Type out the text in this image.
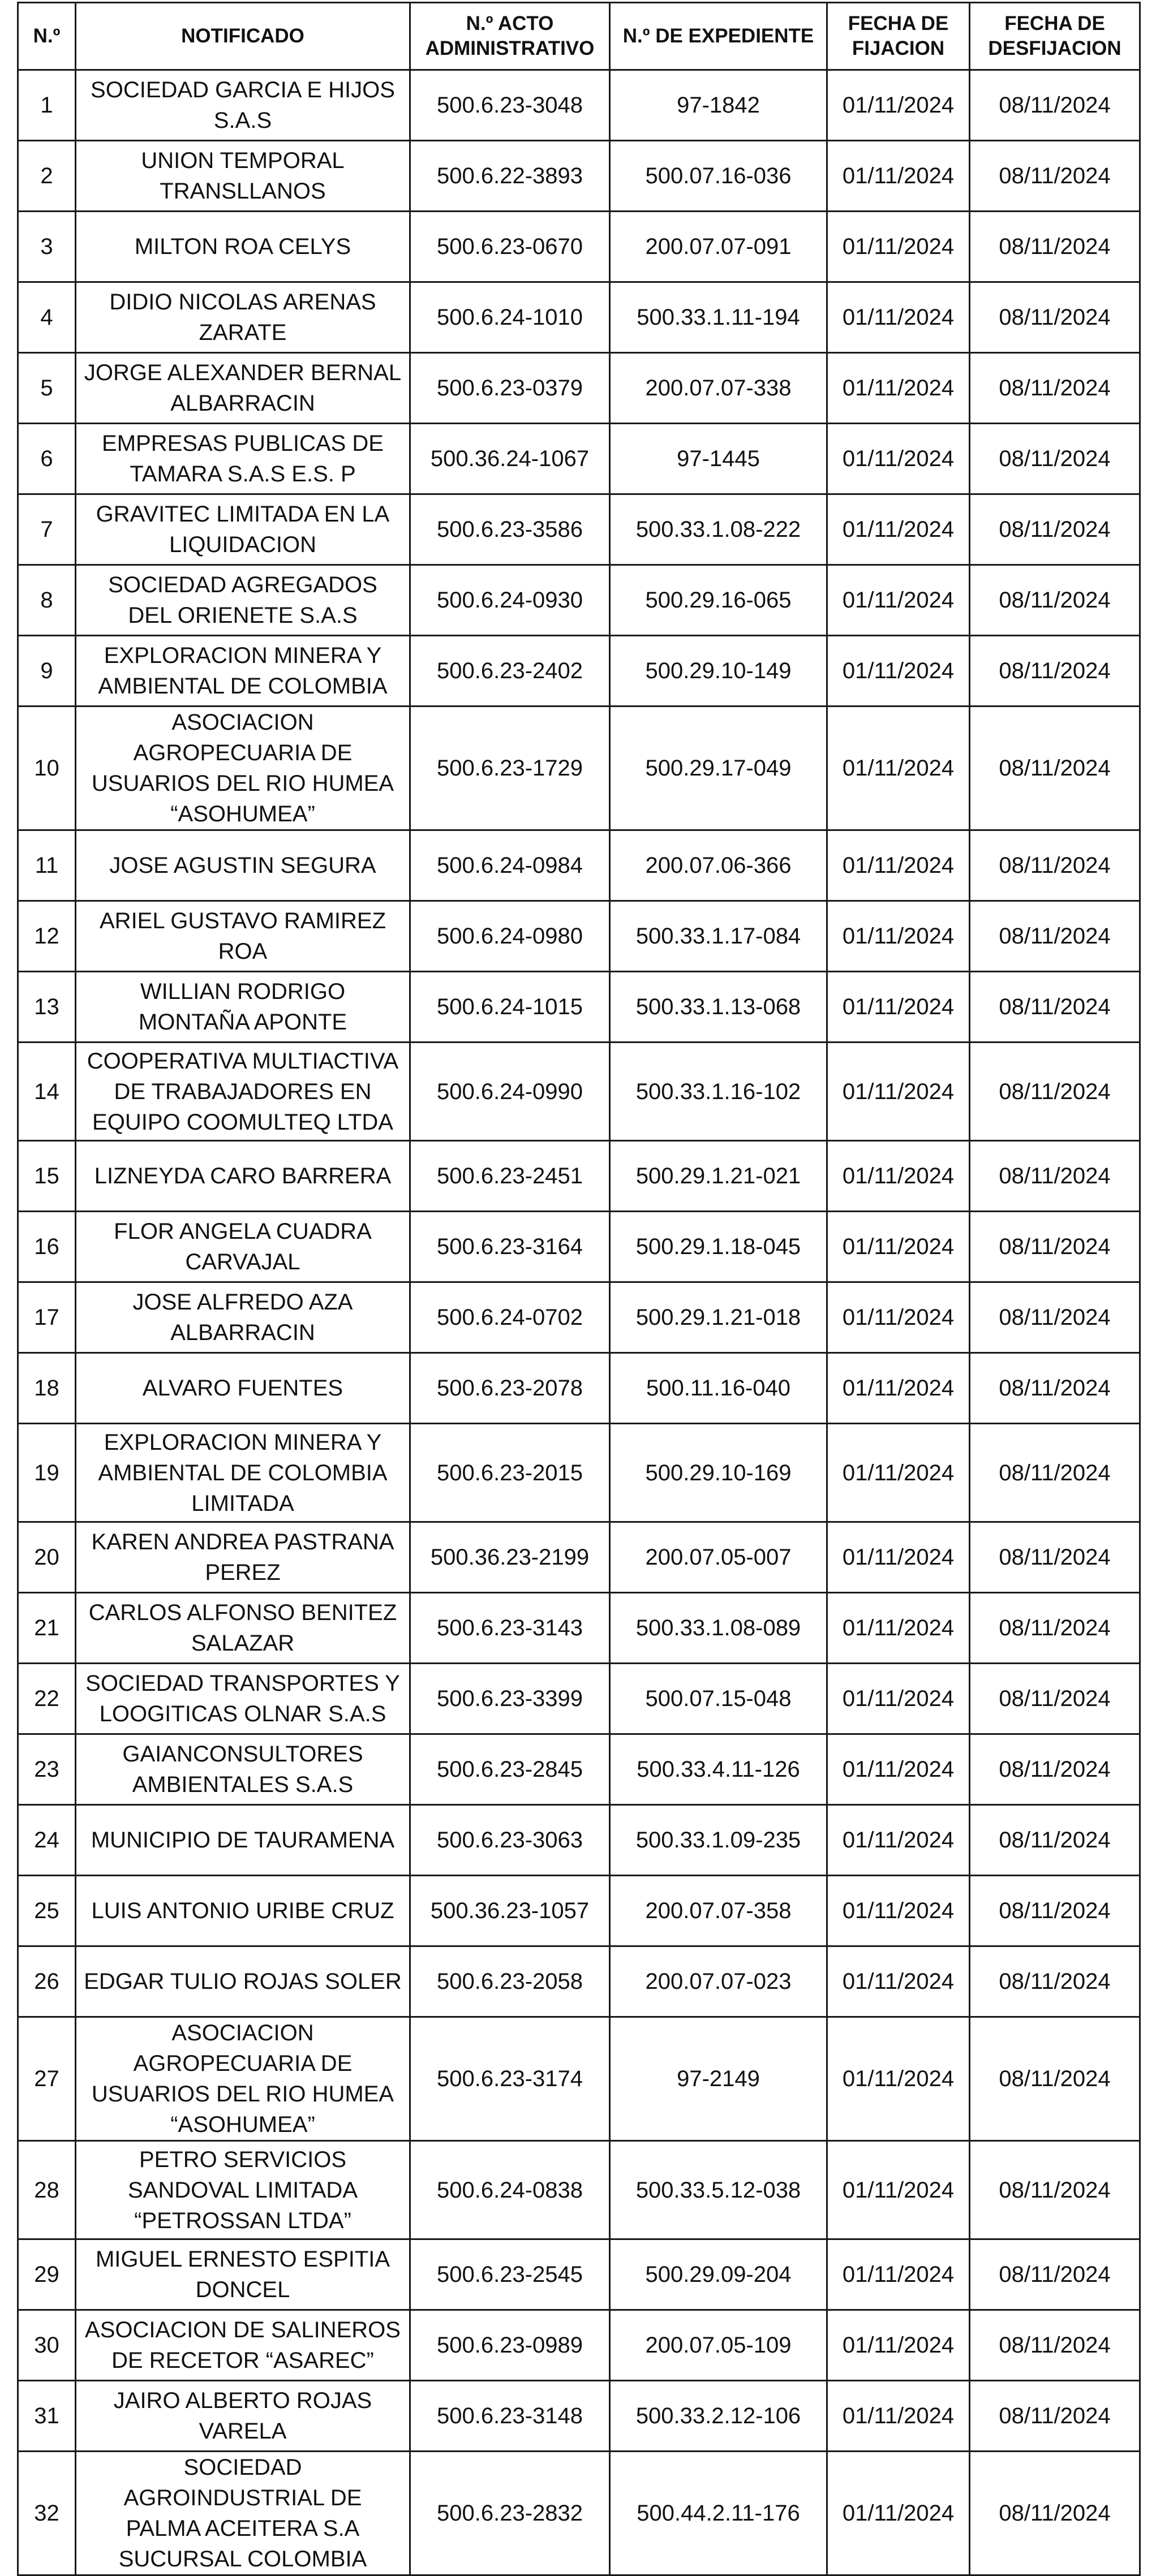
N.º	NOTIFICADO	N.º ACTO ADMINISTRATIVO	N.º DE EXPEDIENTE	FECHA DE FIJACION	FECHA DE DESFIJACION
1	SOCIEDAD GARCIA E HIJOS S.A.S	500.6.23-3048	97-1842	01/11/2024	08/11/2024
2	UNION TEMPORAL TRANSLLANOS	500.6.22-3893	500.07.16-036	01/11/2024	08/11/2024
3	MILTON ROA CELYS	500.6.23-0670	200.07.07-091	01/11/2024	08/11/2024
4	DIDIO NICOLAS ARENAS ZARATE	500.6.24-1010	500.33.1.11-194	01/11/2024	08/11/2024
5	JORGE ALEXANDER BERNAL ALBARRACIN	500.6.23-0379	200.07.07-338	01/11/2024	08/11/2024
6	EMPRESAS PUBLICAS DE TAMARA S.A.S E.S. P	500.36.24-1067	97-1445	01/11/2024	08/11/2024
7	GRAVITEC LIMITADA EN LA LIQUIDACION	500.6.23-3586	500.33.1.08-222	01/11/2024	08/11/2024
8	SOCIEDAD AGREGADOS DEL ORIENETE S.A.S	500.6.24-0930	500.29.16-065	01/11/2024	08/11/2024
9	EXPLORACION MINERA Y AMBIENTAL DE COLOMBIA	500.6.23-2402	500.29.10-149	01/11/2024	08/11/2024
10	ASOCIACION AGROPECUARIA DE USUARIOS DEL RIO HUMEA “ASOHUMEA”	500.6.23-1729	500.29.17-049	01/11/2024	08/11/2024
11	JOSE AGUSTIN SEGURA	500.6.24-0984	200.07.06-366	01/11/2024	08/11/2024
12	ARIEL GUSTAVO RAMIREZ ROA	500.6.24-0980	500.33.1.17-084	01/11/2024	08/11/2024
13	WILLIAN RODRIGO MONTAÑA APONTE	500.6.24-1015	500.33.1.13-068	01/11/2024	08/11/2024
14	COOPERATIVA MULTIACTIVA DE TRABAJADORES EN EQUIPO COOMULTEQ LTDA	500.6.24-0990	500.33.1.16-102	01/11/2024	08/11/2024
15	LIZNEYDA CARO BARRERA	500.6.23-2451	500.29.1.21-021	01/11/2024	08/11/2024
16	FLOR ANGELA CUADRA CARVAJAL	500.6.23-3164	500.29.1.18-045	01/11/2024	08/11/2024
17	JOSE ALFREDO AZA ALBARRACIN	500.6.24-0702	500.29.1.21-018	01/11/2024	08/11/2024
18	ALVARO FUENTES	500.6.23-2078	500.11.16-040	01/11/2024	08/11/2024
19	EXPLORACION MINERA Y AMBIENTAL DE COLOMBIA LIMITADA	500.6.23-2015	500.29.10-169	01/11/2024	08/11/2024
20	KAREN ANDREA PASTRANA PEREZ	500.36.23-2199	200.07.05-007	01/11/2024	08/11/2024
21	CARLOS ALFONSO BENITEZ SALAZAR	500.6.23-3143	500.33.1.08-089	01/11/2024	08/11/2024
22	SOCIEDAD TRANSPORTES Y LOOGITICAS OLNAR S.A.S	500.6.23-3399	500.07.15-048	01/11/2024	08/11/2024
23	GAIANCONSULTORES AMBIENTALES S.A.S	500.6.23-2845	500.33.4.11-126	01/11/2024	08/11/2024
24	MUNICIPIO DE TAURAMENA	500.6.23-3063	500.33.1.09-235	01/11/2024	08/11/2024
25	LUIS ANTONIO URIBE CRUZ	500.36.23-1057	200.07.07-358	01/11/2024	08/11/2024
26	EDGAR TULIO ROJAS SOLER	500.6.23-2058	200.07.07-023	01/11/2024	08/11/2024
27	ASOCIACION AGROPECUARIA DE USUARIOS DEL RIO HUMEA “ASOHUMEA”	500.6.23-3174	97-2149	01/11/2024	08/11/2024
28	PETRO SERVICIOS SANDOVAL LIMITADA “PETROSSAN LTDA”	500.6.24-0838	500.33.5.12-038	01/11/2024	08/11/2024
29	MIGUEL ERNESTO ESPITIA DONCEL	500.6.23-2545	500.29.09-204	01/11/2024	08/11/2024
30	ASOCIACION DE SALINEROS DE RECETOR “ASAREC”	500.6.23-0989	200.07.05-109	01/11/2024	08/11/2024
31	JAIRO ALBERTO ROJAS VARELA	500.6.23-3148	500.33.2.12-106	01/11/2024	08/11/2024
32	SOCIEDAD AGROINDUSTRIAL DE PALMA ACEITERA S.A SUCURSAL COLOMBIA	500.6.23-2832	500.44.2.11-176	01/11/2024	08/11/2024
